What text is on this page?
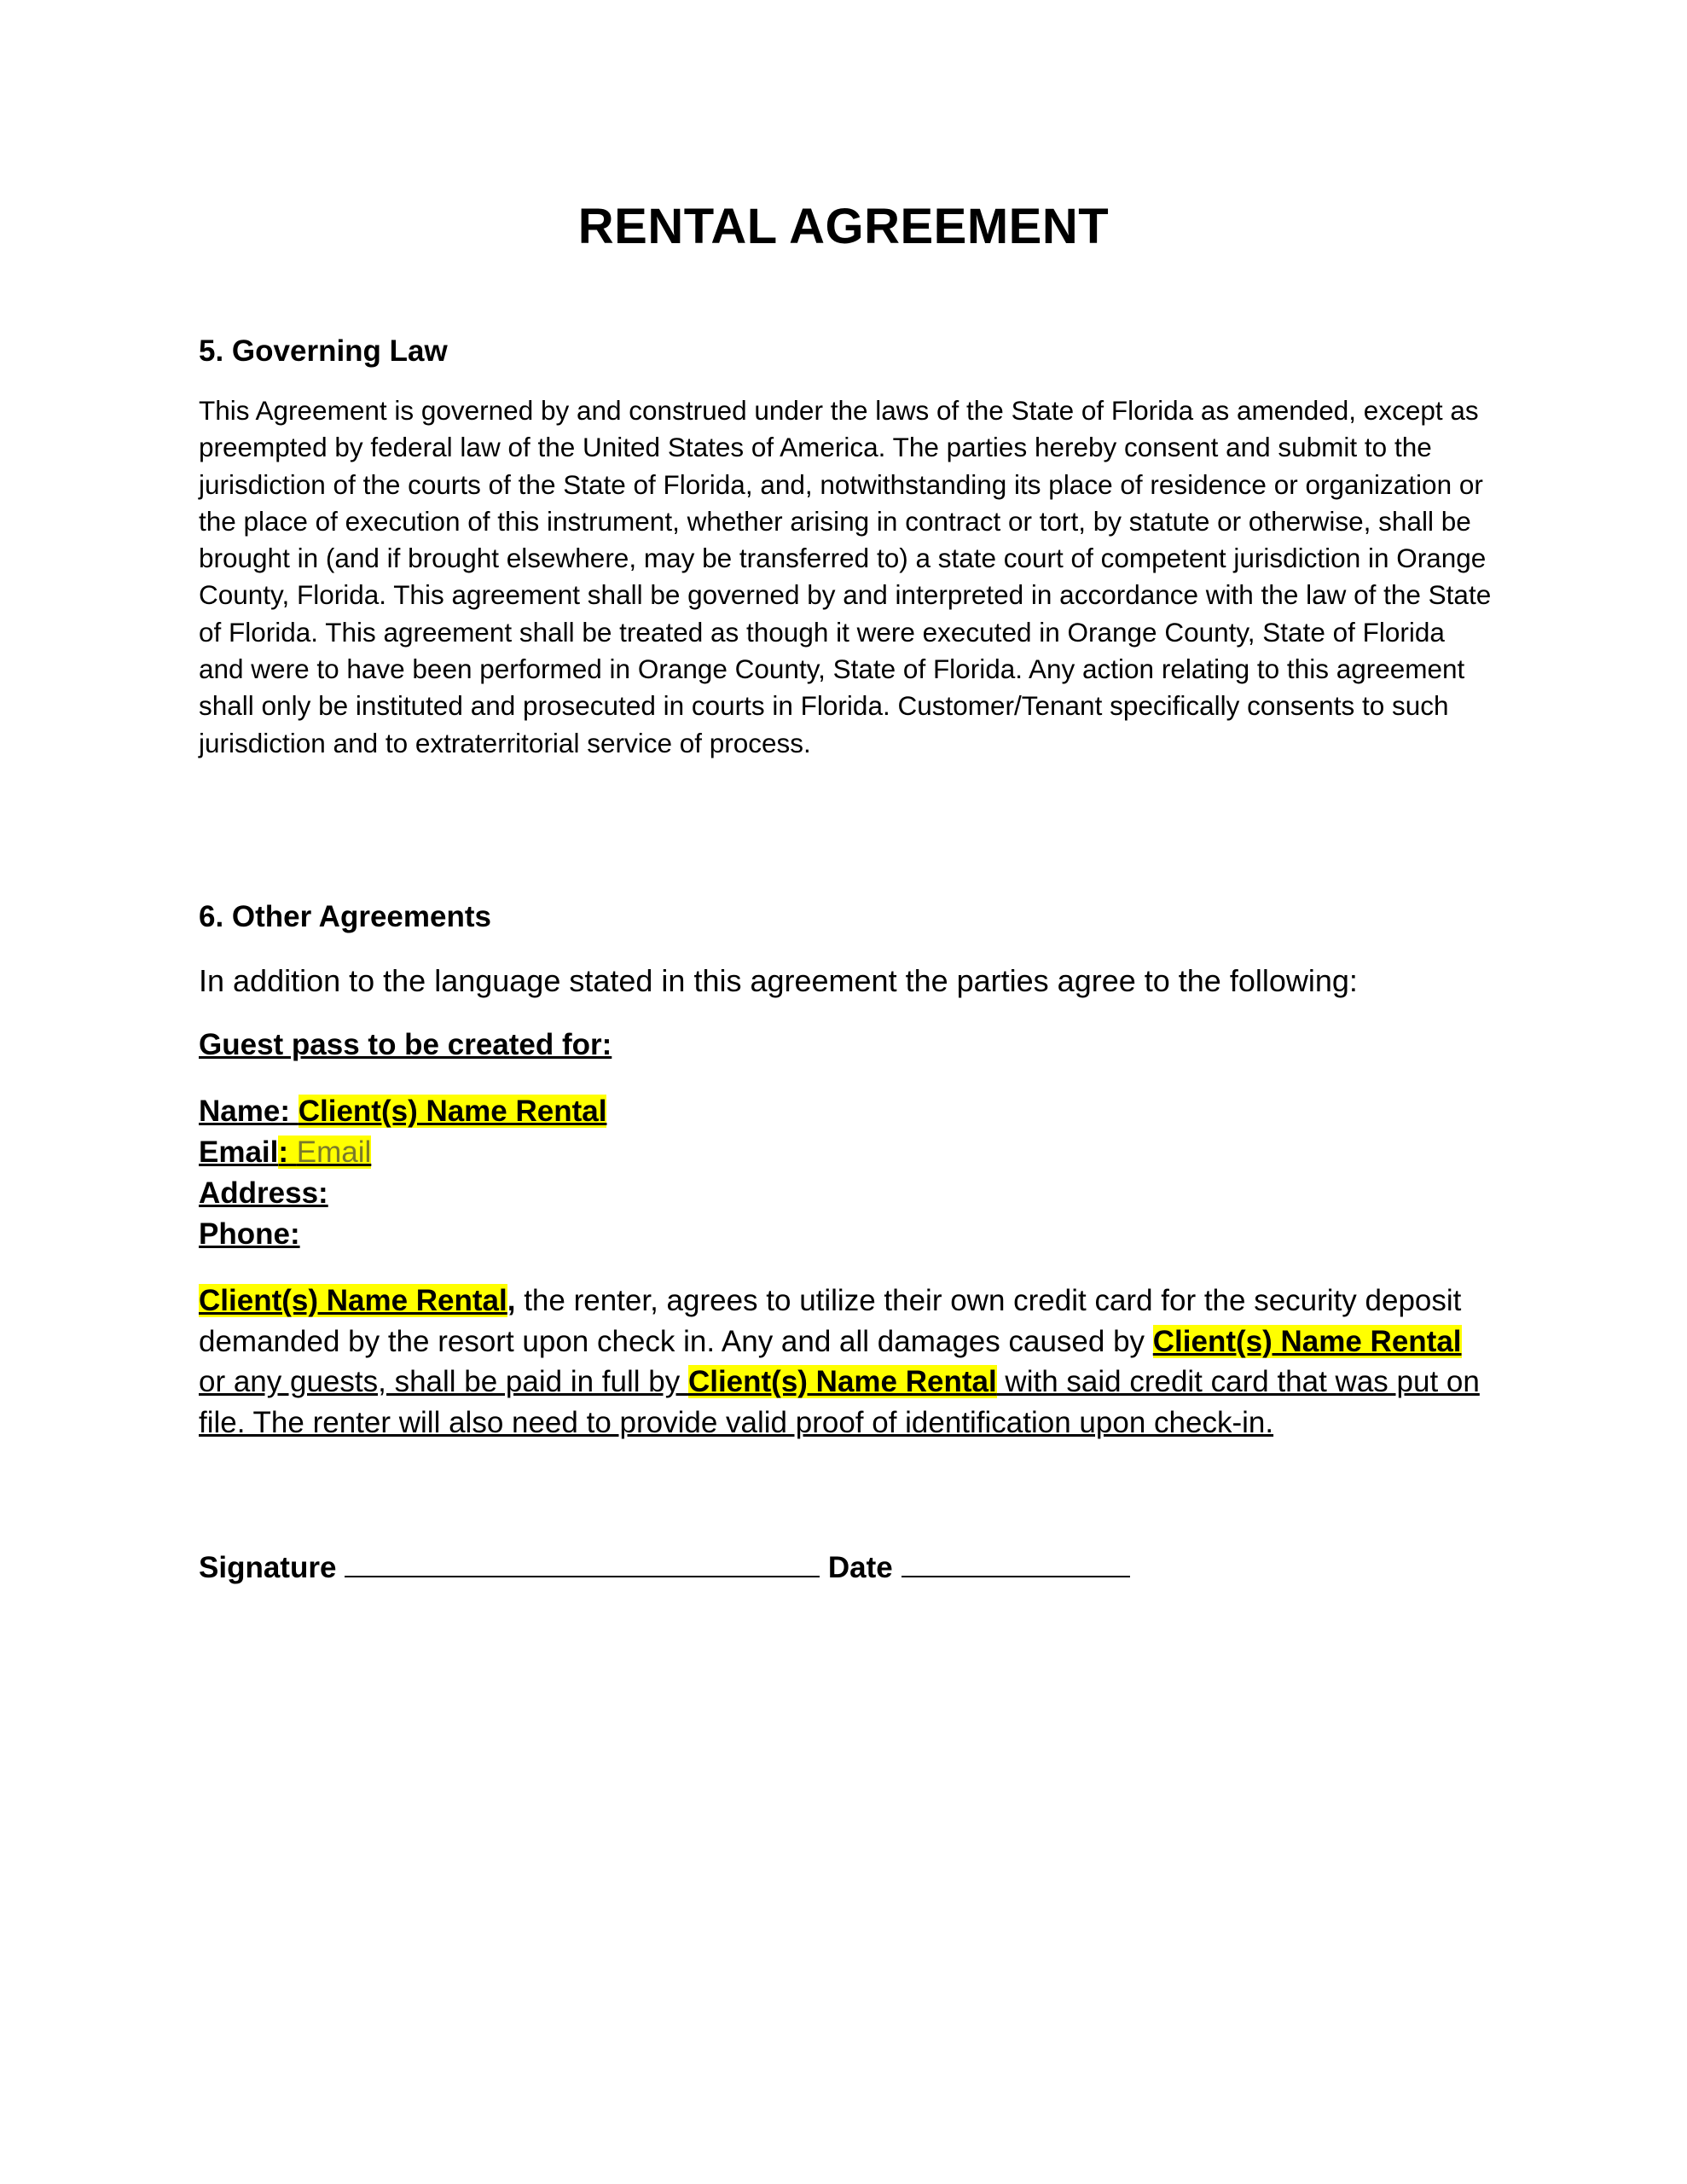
RENTAL AGREEMENT

5. Governing Law

This Agreement is governed by and construed under the laws of the State of Florida as amended, except as preempted by federal law of the United States of America. The parties hereby consent and submit to the jurisdiction of the courts of the State of Florida, and, notwithstanding its place of residence or organization or the place of execution of this instrument, whether arising in contract or tort, by statute or otherwise, shall be brought in (and if brought elsewhere, may be transferred to) a state court of competent jurisdiction in Orange County, Florida. This agreement shall be governed by and interpreted in accordance with the law of the State of Florida. This agreement shall be treated as though it were executed in Orange County, State of Florida and were to have been performed in Orange County, State of Florida. Any action relating to this agreement shall only be instituted and prosecuted in courts in Florida. Customer/Tenant specifically consents to such jurisdiction and to extraterritorial service of process.

6. Other Agreements

In addition to the language stated in this agreement the parties agree to the following:

Guest pass to be created for:

Name: Client(s) Name Rental

Email: Email

Address:

Phone:

Client(s) Name Rental, the renter, agrees to utilize their own credit card for the security deposit demanded by the resort upon check in. Any and all damages caused by Client(s) Name Rental or any guests, shall be paid in full by Client(s) Name Rental with said credit card that was put on file. The renter will also need to provide valid proof of identification upon check-in.

Signature	Date
